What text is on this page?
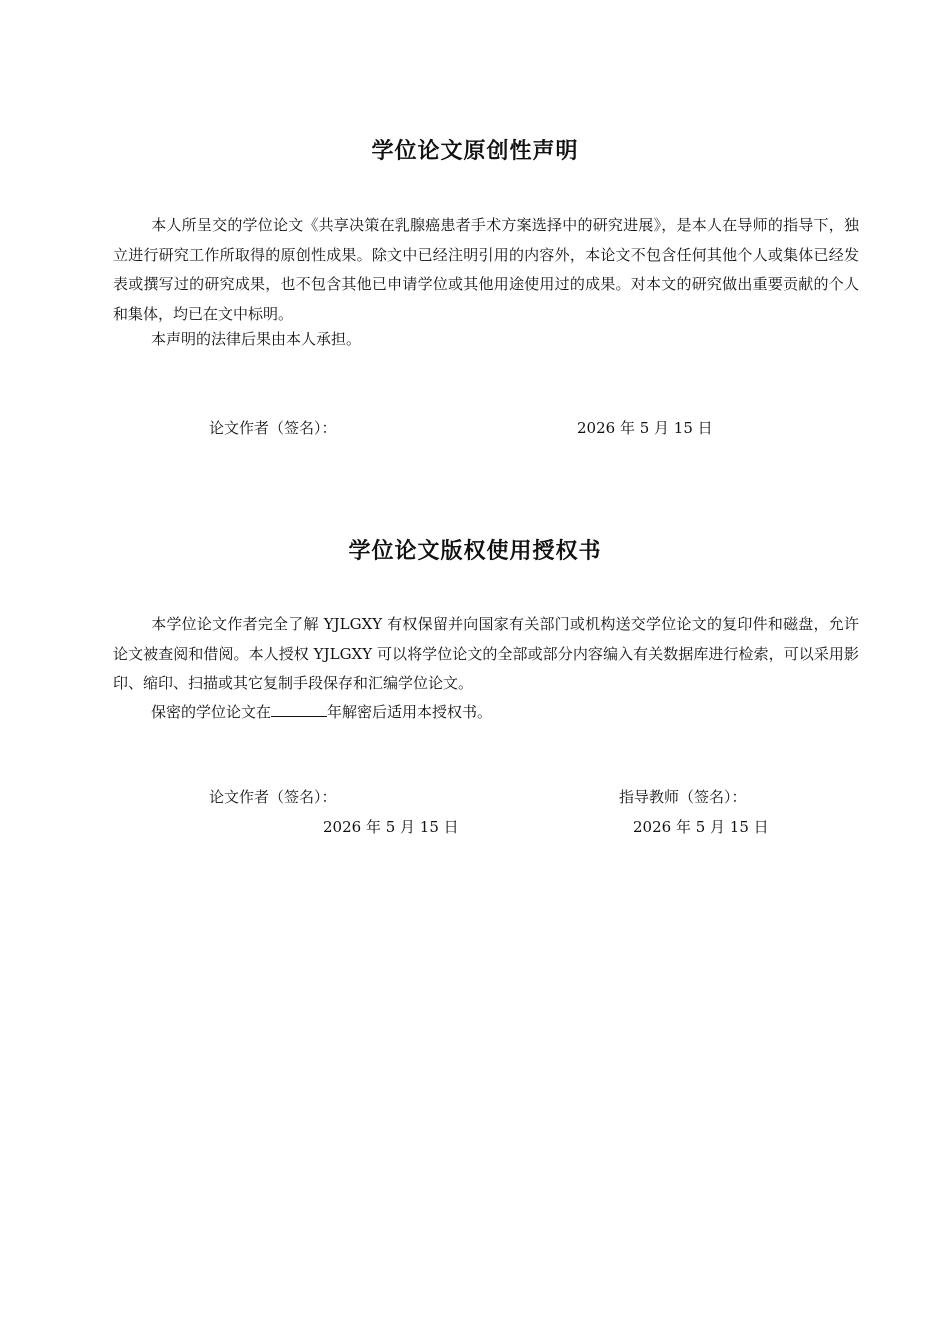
学位论文原创性声明

本人所呈交的学位论文《共享决策在乳腺癌患者手术方案选择中的研究进展》，是本人在导师的指导下，独立进行研究工作所取得的原创性成果。除文中已经注明引用的内容外，本论文不包含任何其他个人或集体已经发表或撰写过的研究成果，也不包含其他已申请学位或其他用途使用过的成果。对本文的研究做出重要贡献的个人和集体，均已在文中标明。

本声明的法律后果由本人承担。

论文作者（签名）：	2026 年 5 月 15 日
学位论文版权使用授权书

本学位论文作者完全了解 YJLGXY 有权保留并向国家有关部门或机构送交学位论文的复印件和磁盘，允许论文被查阅和借阅。本人授权 YJLGXY 可以将学位论文的全部或部分内容编入有关数据库进行检索，可以采用影印、缩印、扫描或其它复制手段保存和汇编学位论文。

保密的学位论文在	年解密后适用本授权书。

论文作者（签名）：	指导教师（签名）：
2026 年 5 月 15 日	2026 年 5 月 15 日
